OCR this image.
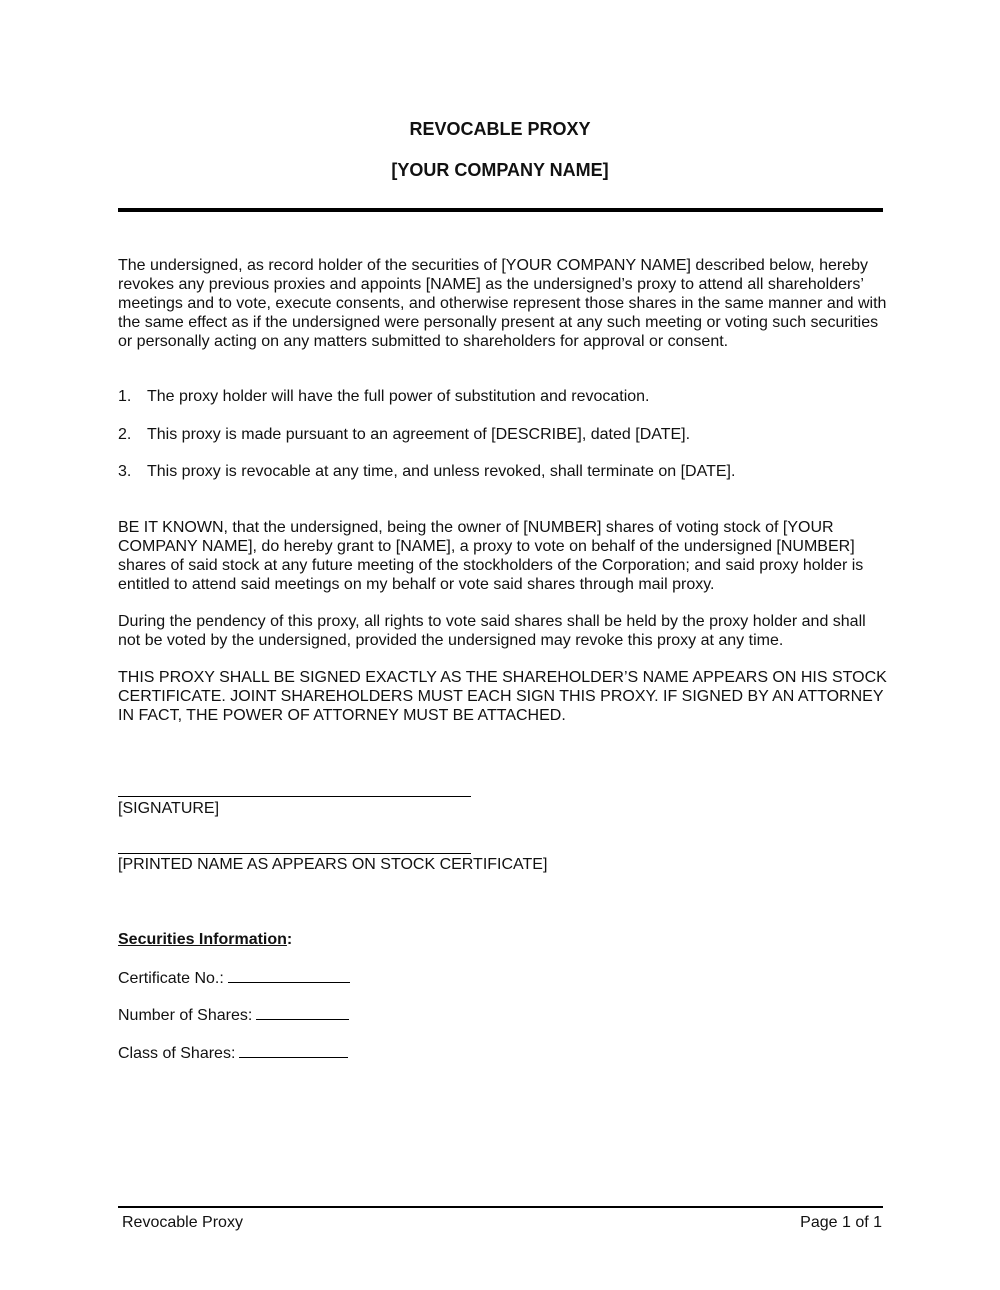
REVOCABLE PROXY
[YOUR COMPANY NAME]

The undersigned, as record holder of the securities of [YOUR COMPANY NAME] described below, hereby revokes any previous proxies and appoints [NAME] as the undersigned’s proxy to attend all shareholders’ meetings and to vote, execute consents, and otherwise represent those shares in the same manner and with the same effect as if the undersigned were personally present at any such meeting or voting such securities or personally acting on any matters submitted to shareholders for approval or consent.

1. The proxy holder will have the full power of substitution and revocation.
2. This proxy is made pursuant to an agreement of [DESCRIBE], dated [DATE].
3. This proxy is revocable at any time, and unless revoked, shall terminate on [DATE].

BE IT KNOWN, that the undersigned, being the owner of [NUMBER] shares of voting stock of [YOUR COMPANY NAME], do hereby grant to [NAME], a proxy to vote on behalf of the undersigned [NUMBER] shares of said stock at any future meeting of the stockholders of the Corporation; and said proxy holder is entitled to attend said meetings on my behalf or vote said shares through mail proxy.

During the pendency of this proxy, all rights to vote said shares shall be held by the proxy holder and shall not be voted by the undersigned, provided the undersigned may revoke this proxy at any time.

THIS PROXY SHALL BE SIGNED EXACTLY AS THE SHAREHOLDER’S NAME APPEARS ON HIS STOCK CERTIFICATE. JOINT SHAREHOLDERS MUST EACH SIGN THIS PROXY. IF SIGNED BY AN ATTORNEY IN FACT, THE POWER OF ATTORNEY MUST BE ATTACHED.

[SIGNATURE]
[PRINTED NAME AS APPEARS ON STOCK CERTIFICATE]
Securities Information:
Certificate No.:
Number of Shares:
Class of Shares:
Revocable Proxy	Page 1 of 1
